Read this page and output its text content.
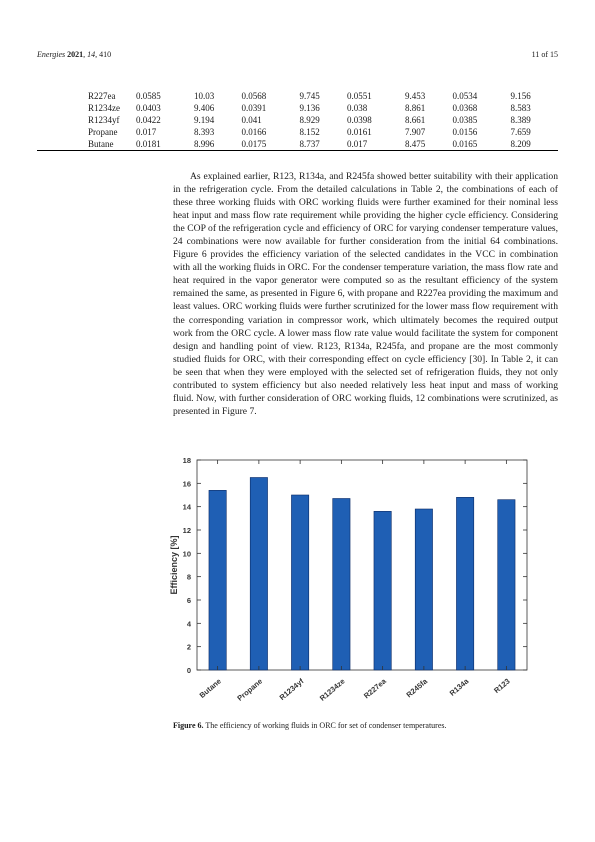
Energies 2021, 14, 410	11 of 15
R227ea	0.0585	10.03	0.0568	9.745	0.0551	9.453	0.0534	9.156
R1234ze	0.0403	9.406	0.0391	9.136	0.038	8.861	0.0368	8.583
R1234yf	0.0422	9.194	0.041	8.929	0.0398	8.661	0.0385	8.389
Propane	0.017	8.393	0.0166	8.152	0.0161	7.907	0.0156	7.659
Butane	0.0181	8.996	0.0175	8.737	0.017	8.475	0.0165	8.209

As explained earlier, R123, R134a, and R245fa showed better suitability with their application in the refrigeration cycle. From the detailed calculations in Table 2, the combinations of each of these three working fluids with ORC working fluids were further examined for their nominal less heat input and mass flow rate requirement while providing the higher cycle efficiency. Considering the COP of the refrigeration cycle and efficiency of ORC for varying condenser temperature values, 24 combinations were now available for further consideration from the initial 64 combinations. Figure 6 provides the efficiency variation of the selected candidates in the VCC in combination with all the working fluids in ORC. For the condenser temperature variation, the mass flow rate and heat required in the vapor generator were computed so as the resultant efficiency of the system remained the same, as presented in Figure 6, with propane and R227ea providing the maximum and least values. ORC working fluids were further scrutinized for the lower mass flow requirement with the corresponding variation in compressor work, which ultimately becomes the required output work from the ORC cycle. A lower mass flow rate value would facilitate the system for component design and handling point of view. R123, R134a, R245fa, and propane are the most commonly studied fluids for ORC, with their corresponding effect on cycle efficiency [30]. In Table 2, it can be seen that when they were employed with the selected set of refrigeration fluids, they not only contributed to system efficiency but also needed relatively less heat input and mass of working fluid. Now, with further consideration of ORC working fluids, 12 combinations were scrutinized, as presented in Figure 7.

0
2
4
6
8
10
12
14
16
18
Efficiency [%]
Butane Propane R1234yf R1234ze R227ea R245fa R134a	R123
Figure 6. The efficiency of working fluids in ORC for set of condenser temperatures.
